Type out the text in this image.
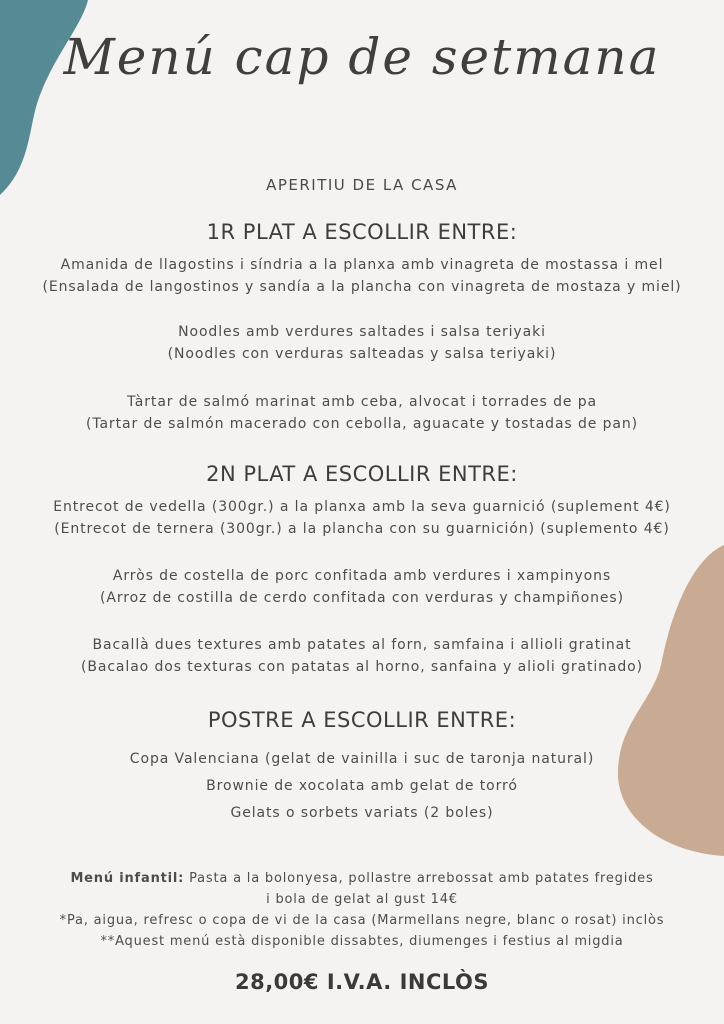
Menú cap de setmana
APERITIU DE LA CASA
1R PLAT A ESCOLLIR ENTRE:
Amanida de llagostins i síndria a la planxa amb vinagreta de mostassa i mel
(Ensalada de langostinos y sandía a la plancha con vinagreta de mostaza y miel)
Noodles amb verdures saltades i salsa teriyaki
(Noodles con verduras salteadas y salsa teriyaki)
Tàrtar de salmó marinat amb ceba, alvocat i torrades de pa
(Tartar de salmón macerado con cebolla, aguacate y tostadas de pan)
2N PLAT A ESCOLLIR ENTRE:
Entrecot de vedella (300gr.) a la planxa amb la seva guarnició (suplement 4€)
(Entrecot de ternera (300gr.) a la plancha con su guarnición) (suplemento 4€)
Arròs de costella de porc confitada amb verdures i xampinyons
(Arroz de costilla de cerdo confitada con verduras y champiñones)
Bacallà dues textures amb patates al forn, samfaina i allioli gratinat
(Bacalao dos texturas con patatas al horno, sanfaina y alioli gratinado)
POSTRE A ESCOLLIR ENTRE:
Copa Valenciana (gelat de vainilla i suc de taronja natural)
Brownie de xocolata amb gelat de torró
Gelats o sorbets variats (2 boles)
Menú infantil: Pasta a la bolonyesa, pollastre arrebossat amb patates fregides
i bola de gelat al gust 14€
*Pa, aigua, refresc o copa de vi de la casa (Marmellans negre, blanc o rosat) inclòs
**Aquest menú està disponible dissabtes, diumenges i festius al migdia
28,00€ I.V.A. INCLÒS
